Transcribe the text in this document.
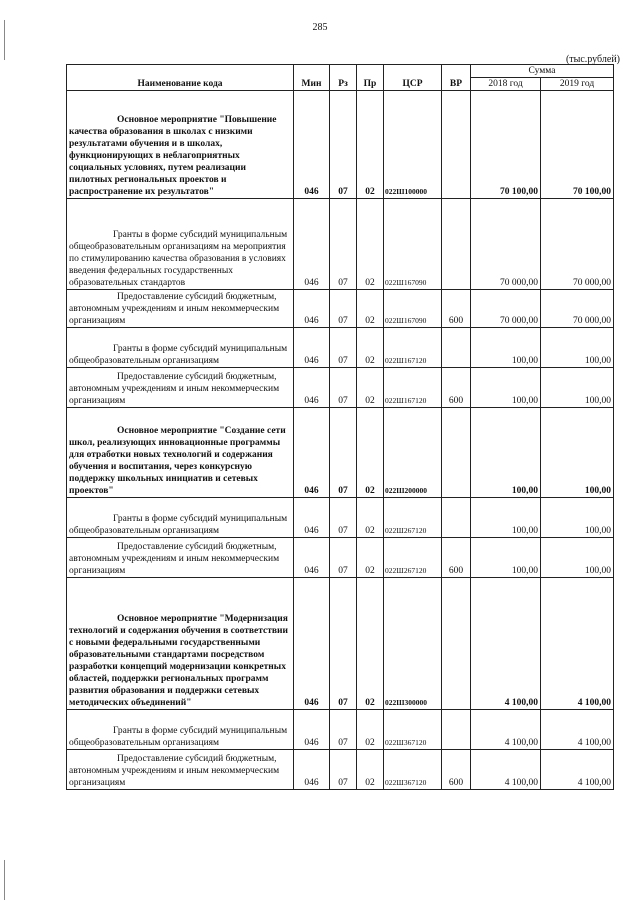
285
(тыс.рублей)
Наименование кода	Мин	Рз	Пр	ЦСР	ВР	Сумма	
						2018 год	2019 год
Основное мероприятие "Повышение качества образования в школах с низкими результатами обучения и в школах, функционирующих в неблагоприятных социальных условиях, путем реализации пилотных региональных проектов и распространение их результатов"	046	07	02	022Ш100000		70 100,00	70 100,00
Гранты в форме субсидий муниципальным общеобразовательным организациям на мероприятия по стимулированию качества образования в условиях введения федеральных государственных образовательных стандартов	046	07	02	022Ш167090		70 000,00	70 000,00
Предоставление субсидий бюджетным, автономным учреждениям и иным некоммерческим организациям	046	07	02	022Ш167090	600	70 000,00	70 000,00
Гранты в форме субсидий муниципальным общеобразовательным организациям	046	07	02	022Ш167120		100,00	100,00
Предоставление субсидий бюджетным, автономным учреждениям и иным некоммерческим организациям	046	07	02	022Ш167120	600	100,00	100,00
Основное мероприятие "Создание сети школ, реализующих инновационные программы для отработки новых технологий и содержания обучения и воспитания, через конкурсную поддержку школьных инициатив и сетевых проектов"	046	07	02	022Ш200000		100,00	100,00
Гранты в форме субсидий муниципальным общеобразовательным организациям	046	07	02	022Ш267120		100,00	100,00
Предоставление субсидий бюджетным, автономным учреждениям и иным некоммерческим организациям	046	07	02	022Ш267120	600	100,00	100,00
Основное мероприятие "Модернизация технологий и содержания обучения в соответствии с новыми федеральными государственными образовательными стандартами посредством разработки концепций модернизации конкретных областей, поддержки региональных программ развития образования и поддержки сетевых методических объединений"	046	07	02	022Ш300000		4 100,00	4 100,00
Гранты в форме субсидий муниципальным общеобразовательным организациям	046	07	02	022Ш367120		4 100,00	4 100,00
Предоставление субсидий бюджетным, автономным учреждениям и иным некоммерческим организациям	046	07	02	022Ш367120	600	4 100,00	4 100,00
